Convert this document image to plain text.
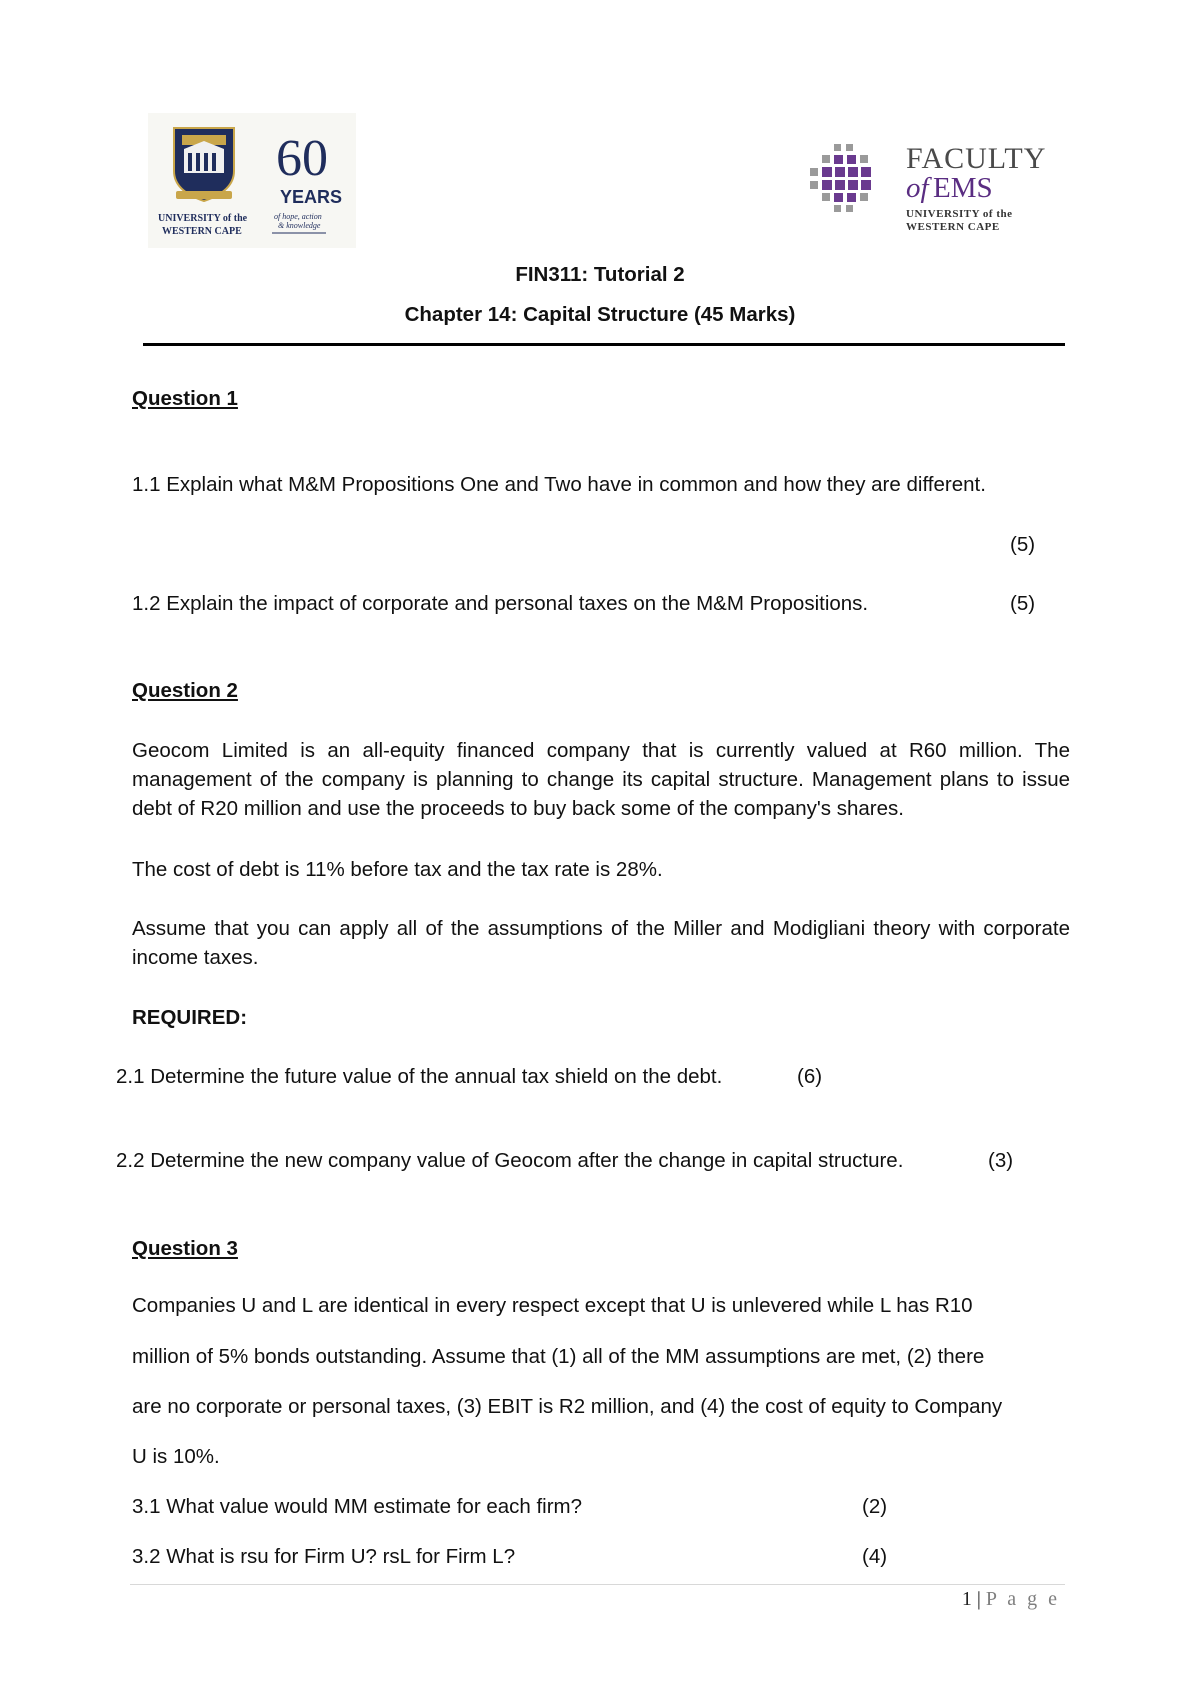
60
YEARS
of hope, action
& knowledge
UNIVERSITY of the
WESTERN CAPE
FACULTY
of EMS
UNIVERSITY of the
WESTERN CAPE
FIN311: Tutorial 2
Chapter 14: Capital Structure (45 Marks)
Question 1
1.1 Explain what M&M Propositions One and Two have in common and how they are different.
(5)
1.2 Explain the impact of corporate and personal taxes on the M&M Propositions.	(5)
Question 2
Geocom Limited is an all-equity financed company that is currently valued at R60 million. The management of the company is planning to change its capital structure. Management plans to issue debt of R20 million and use the proceeds to buy back some of the company's shares.
The cost of debt is 11% before tax and the tax rate is 28%.
Assume that you can apply all of the assumptions of the Miller and Modigliani theory with corporate income taxes.
REQUIRED:
2.1 Determine the future value of the annual tax shield on the debt.	(6)
2.2 Determine the new company value of Geocom after the change in capital structure.	(3)
Question 3
Companies U and L are identical in every respect except that U is unlevered while L has R10
million of 5% bonds outstanding. Assume that (1) all of the MM assumptions are met, (2) there
are no corporate or personal taxes, (3) EBIT is R2 million, and (4) the cost of equity to Company
U is 10%.
3.1 What value would MM estimate for each firm?	(2)
3.2 What is rsu for Firm U? rsL for Firm L?	(4)
1 | P a g e
